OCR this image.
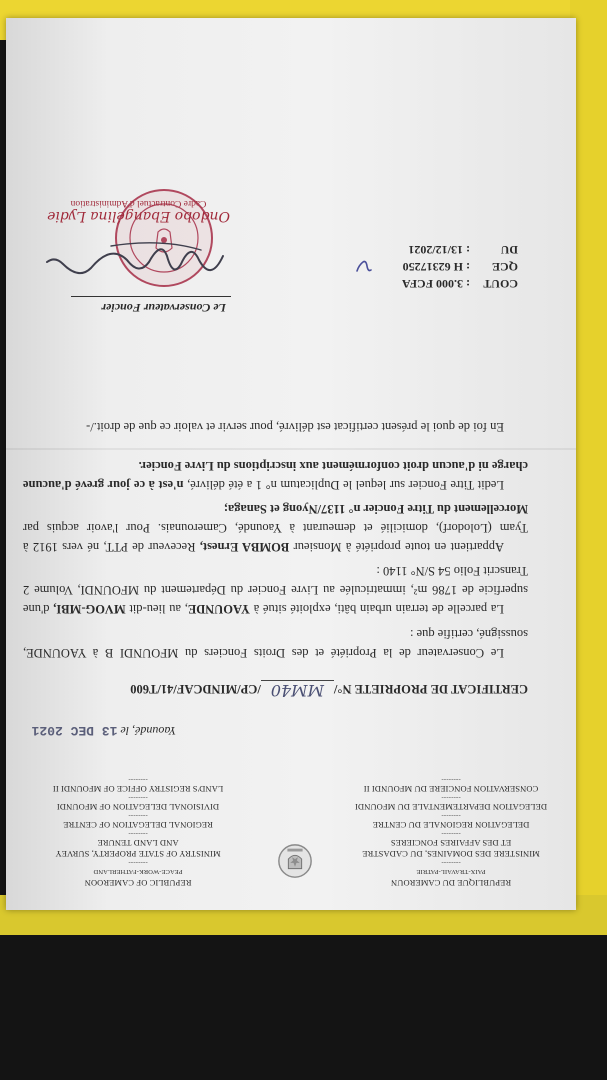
REPUBLIQUE DU CAMEROUN
PAIX-TRAVAIL-PATRIE
--------
MINISTERE DES DOMAINES, DU CADASTRE
ET DES AFFAIRES FONCIERES
--------
DELEGATION REGIONALE DU CENTRE
--------
DELEGATION DEPARTEMENTALE DU MFOUNDI
--------
CONSERVATION FONCIERE DU MFOUNDI II
--------
REPUBLIC OF CAMEROON
PEACE-WORK-FATHERLAND
--------
MINISTRY OF STATE PROPERTY, SURVEY
AND LAND TENURE
--------
REGIONAL DELEGATION OF CENTRE
--------
DIVISIONAL DELEGATION OF MFOUNDI
--------
LAND'S REGISTRY OFFICE OF MFOUNDI II
--------
Yaoundé, le 13 DEC 2021
CERTIFICAT DE PROPRIETE N°/MM40/CP/MINDCAF/41/T600

Le Conservateur de la Propriété et des Droits Fonciers du MFOUNDI B à YAOUNDE, soussigné, certifie que :

La parcelle de terrain urbain bâti, exploité situé à YAOUNDE, au lieu-dit MVOG-MBI, d'une superficie de 1786 m², immatriculée au Livre Foncier du Département du MFOUNDI, Volume 2 Transcrit Folio 54 S/N° 1140 :

Appartient en toute propriété à Monsieur BOMBA Ernest, Receveur de PTT, né vers 1912 à Tyam (Lolodorf), domicilié et demeurant à Yaoundé, Camerounais. Pour l'avoir acquis par Morcellement du Titre Foncier n° 1137/Nyong et Sanaga;

Ledit Titre Foncier sur lequel le Duplicatum n° 1 a été délivré, n'est à ce jour grevé d'aucune charge ni d'aucun droit conformément aux inscriptions du Livre Foncier.

En foi de quoi le présent certificat est délivré, pour servir et valoir ce que de droit./-

Le Conservateur Foncier
COUT: 3.000 FCFA
QCE: H 62317250
DU: 13/12/2021
Ondobo Ebangélina Lydie
Cadre Contractuel d'Administration
